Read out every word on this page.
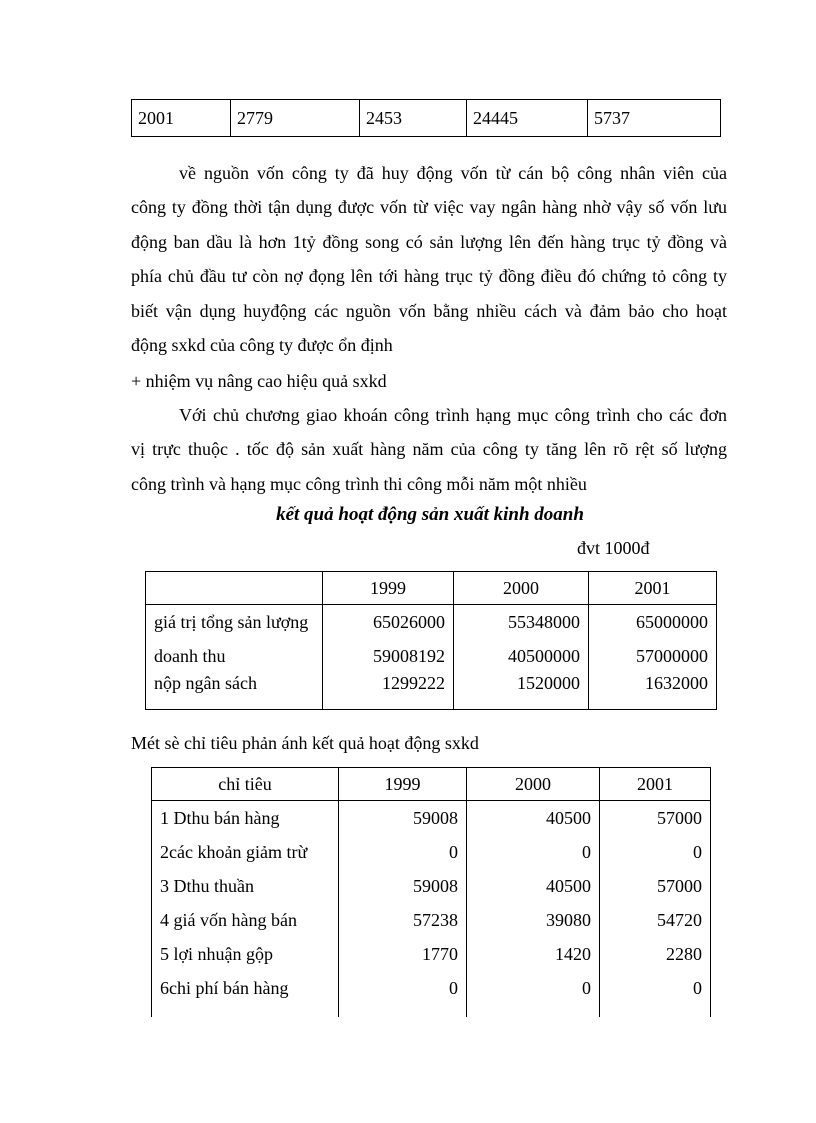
2001	2779	2453	24445	5737
về nguồn vốn công ty đã huy động vốn từ cán bộ công nhân viên của
công ty đồng thời tận dụng được vốn từ việc vay ngân hàng nhờ vậy số vốn lưu
động ban dầu là hơn 1tỷ đồng song có sản lượng lên đến hàng trục tỷ đồng và
phía chủ đầu tư còn nợ đọng lên tới hàng trục tỷ đồng điều đó chứng tỏ công ty
biết vận dụng huyđộng các nguồn vốn bằng nhiều cách và đảm bảo cho hoạt
động sxkd của công ty được ổn định
+ nhiệm vụ nâng cao hiệu quả sxkd
Với chủ chương giao khoán công trình hạng mục công trình cho các đơn
vị trực thuộc . tốc độ sản xuất hàng năm của công ty tăng lên rõ rệt số lượng
công trình và hạng mục công trình thi công mỗi năm một nhiều
kết quả hoạt động sản xuất kinh doanh
đvt 1000đ
	1999	2000	2001
giá trị tổng sản lượng	65026000	55348000	65000000
doanh thu	59008192	40500000	57000000
nộp ngân sách	1299222	1520000	1632000
Mét sè chỉ tiêu phản ánh kết quả hoạt động sxkd
chỉ tiêu	1999	2000	2001
1 Dthu bán hàng	59008	40500	57000
2các khoản giảm trừ	0	0	0
3 Dthu thuần	59008	40500	57000
4 giá vốn hàng bán	57238	39080	54720
5 lợi nhuận gộp	1770	1420	2280
6chi phí bán hàng	0	0	0
